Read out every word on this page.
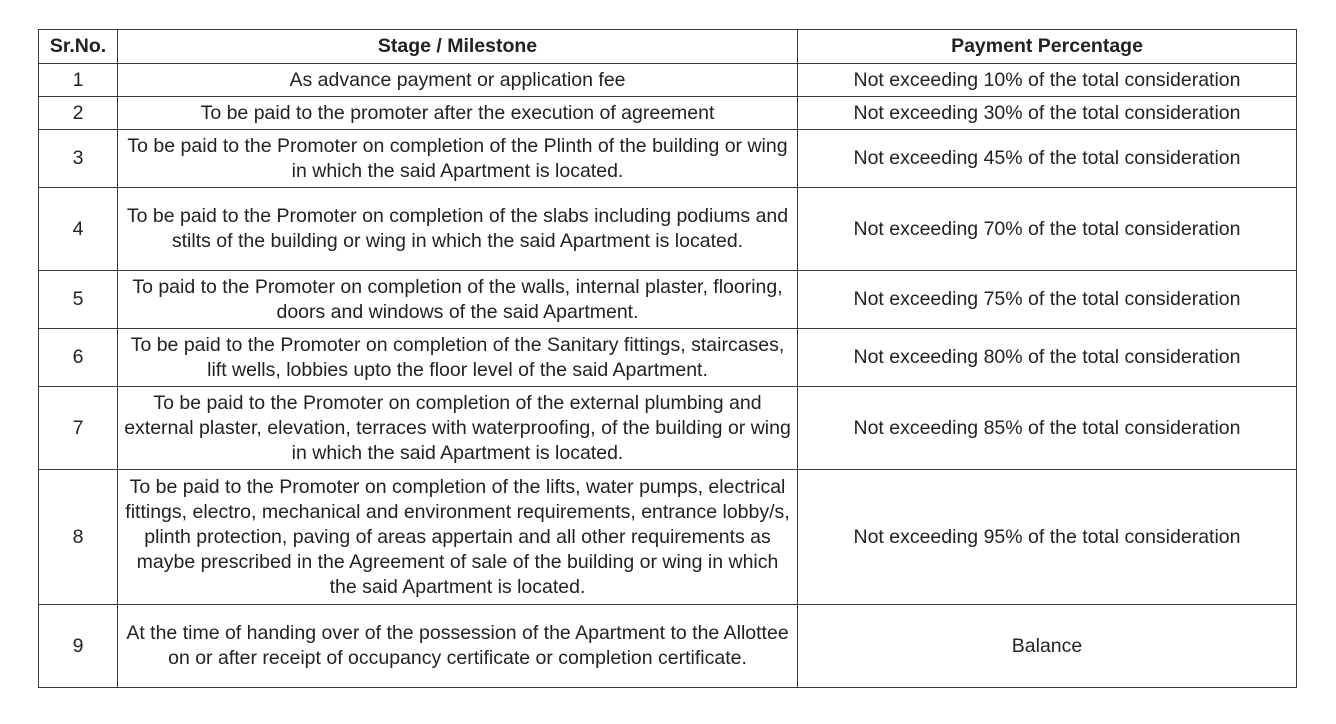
Sr.No.	Stage / Milestone	Payment Percentage
1	As advance payment or application fee	Not exceeding 10% of the total consideration
2	To be paid to the promoter after the execution of agreement	Not exceeding 30% of the total consideration
3	To be paid to the Promoter on completion of the Plinth of the building or wing in which the said Apartment is located.	Not exceeding 45% of the total consideration
4	To be paid to the Promoter on completion of the slabs including podiums and stilts of the building or wing in which the said Apartment is located.	Not exceeding 70% of the total consideration
5	To paid to the Promoter on completion of the walls, internal plaster, flooring, doors and windows of the said Apartment.	Not exceeding 75% of the total consideration
6	To be paid to the Promoter on completion of the Sanitary fittings, staircases, lift wells, lobbies upto the floor level of the said Apartment.	Not exceeding 80% of the total consideration
7	To be paid to the Promoter on completion of the external plumbing and external plaster, elevation, terraces with waterproofing, of the building or wing in which the said Apartment is located.	Not exceeding 85% of the total consideration
8	To be paid to the Promoter on completion of the lifts, water pumps, electrical fittings, electro, mechanical and environment requirements, entrance lobby/s, plinth protection, paving of areas appertain and all other requirements as maybe prescribed in the Agreement of sale of the building or wing in which the said Apartment is located.	Not exceeding 95% of the total consideration
9	At the time of handing over of the possession of the Apartment to the Allottee on or after receipt of occupancy certificate or completion certificate.	Balance
